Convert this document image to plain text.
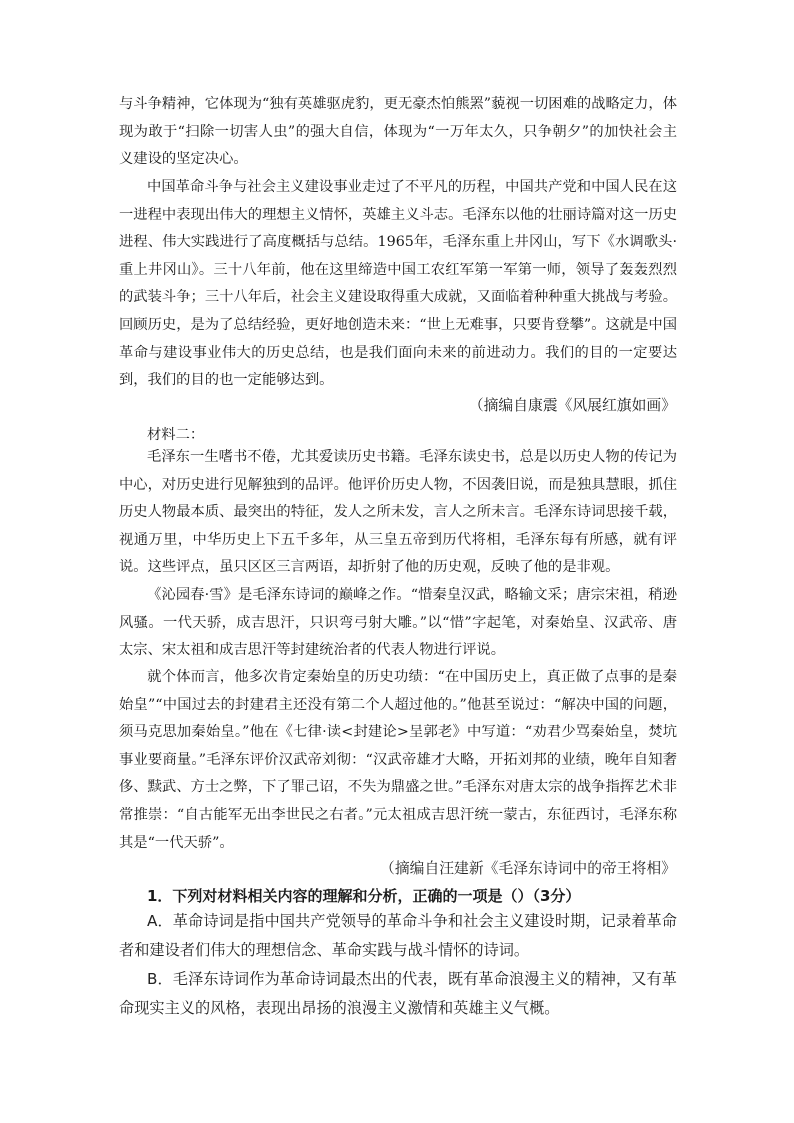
与斗争精神，它体现为“独有英雄驱虎豹，更无豪杰怕熊罴”藐视一切困难的战略定力，体现为敢于“扫除一切害人虫”的强大自信，体现为“一万年太久，只争朝夕”的加快社会主义建设的坚定决心。

中国革命斗争与社会主义建设事业走过了不平凡的历程，中国共产党和中国人民在这一进程中表现出伟大的理想主义情怀，英雄主义斗志。毛泽东以他的壮丽诗篇对这一历史进程、伟大实践进行了高度概括与总结。1965年，毛泽东重上井冈山，写下《水调歌头·重上井冈山》。三十八年前，他在这里缔造中国工农红军第一军第一师，领导了轰轰烈烈的武装斗争；三十八年后，社会主义建设取得重大成就，又面临着种种重大挑战与考验。回顾历史，是为了总结经验，更好地创造未来：“世上无难事，只要肯登攀”。这就是中国革命与建设事业伟大的历史总结，也是我们面向未来的前进动力。我们的目的一定要达到，我们的目的也一定能够达到。

（摘编自康震《风展红旗如画》

材料二：

毛泽东一生嗜书不倦，尤其爱读历史书籍。毛泽东读史书，总是以历史人物的传记为中心，对历史进行见解独到的品评。他评价历史人物，不因袭旧说，而是独具慧眼，抓住历史人物最本质、最突出的特征，发人之所未发，言人之所未言。毛泽东诗词思接千载，视通万里，中华历史上下五千多年，从三皇五帝到历代将相，毛泽东每有所感，就有评说。这些评点，虽只区区三言两语，却折射了他的历史观，反映了他的是非观。

《沁园春·雪》是毛泽东诗词的巅峰之作。“惜秦皇汉武，略输文采；唐宗宋祖，稍逊风骚。一代天骄，成吉思汗，只识弯弓射大雕。”以“惜”字起笔，对秦始皇、汉武帝、唐太宗、宋太祖和成吉思汗等封建统治者的代表人物进行评说。

就个体而言，他多次肯定秦始皇的历史功绩：“在中国历史上，真正做了点事的是秦始皇”“中国过去的封建君主还没有第二个人超过他的。”他甚至说过：“解决中国的问题，须马克思加秦始皇。”他在《七律·读<封建论>呈郭老》中写道：“劝君少骂秦始皇，焚坑事业要商量。”毛泽东评价汉武帝刘彻：“汉武帝雄才大略，开拓刘邦的业绩，晚年自知奢侈、黩武、方士之弊，下了罪己诏，不失为鼎盛之世。”毛泽东对唐太宗的战争指挥艺术非常推崇：“自古能军无出李世民之右者。”元太祖成吉思汗统一蒙古，东征西讨，毛泽东称其是“一代天骄”。

（摘编自汪建新《毛泽东诗词中的帝王将相》

1．下列对材料相关内容的理解和分析，正确的一项是（）（3分）

A．革命诗词是指中国共产党领导的革命斗争和社会主义建设时期，记录着革命者和建设者们伟大的理想信念、革命实践与战斗情怀的诗词。

B．毛泽东诗词作为革命诗词最杰出的代表，既有革命浪漫主义的精神，又有革命现实主义的风格，表现出昂扬的浪漫主义激情和英雄主义气概。
